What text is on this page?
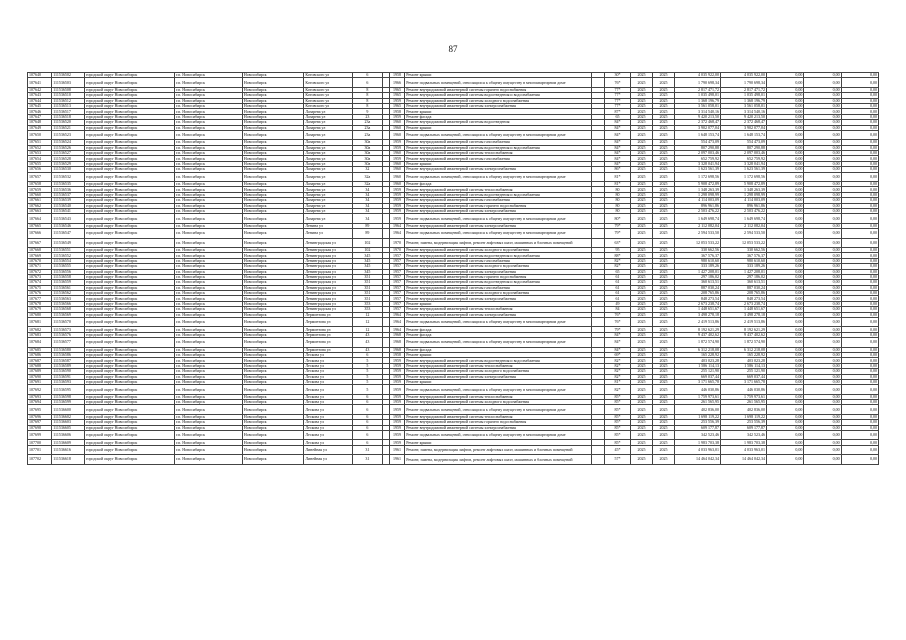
87
107640	111536502	городской округ Новосибирск	г.п. Новосибирск	Новосибирск	Котовского ул	6		1958	Ремонт крыши		30*	2025	2025	4 035 922,00	4 035 922,00	0,00	0,00	0,00
107641	111536503	городской округ Новосибирск	г.п. Новосибирск	Новосибирск	Котовского ул	6		1966	Ремонт подвальных помещений, относящихся к общему имуществу в многоквартирном доме		76*	2025	2025	1 790 698,34	1 790 698,34	0,00	0,00	0,00
107642	111536508	городской округ Новосибирск	г.п. Новосибирск	Новосибирск	Котовского ул	8		1965	Ремонт внутридомовой инженерной системы горячего водоснабжения		77*	2025	2025	2 817 471,72	2 817 471,72	0,00	0,00	0,00
107643	111536510	городской округ Новосибирск	г.п. Новосибирск	Новосибирск	Котовского ул	8		1965	Ремонт внутридомовой инженерной системы водоотведения и водоснабжения		77*	2025	2025	1 035 498,01	1 035 498,01	0,00	0,00	0,00
107644	111536512	городской округ Новосибирск	г.п. Новосибирск	Новосибирск	Котовского ул	8		1959	Ремонт внутридомовой инженерной системы холодного водоснабжения		77*	2025	2025	1 368 196,79	1 368 196,79	0,00	0,00	0,00
107645	111536513	городской округ Новосибирск	г.п. Новосибирск	Новосибирск	Котовского ул	8		1965	Ремонт внутридомовой инженерной системы электроснабжения		77*	2025	2025	3 561 058,01	3 561 058,01	0,00	0,00	0,00
107646	111536517	городской округ Новосибирск	г.п. Новосибирск	Новосибирск	Лазарева ул	9		1958	Ремонт крыши		87*	2025	2025	3 314 540,16	3 314 540,16	0,00	0,00	0,00
107647	111536518	городской округ Новосибирск	г.п. Новосибирск	Новосибирск	Лазарева ул	23		1959	Ремонт фасада		65	2025	2025	9 420 213,50	9 420 213,50	0,00	0,00	0,00
107648	111536520	городской округ Новосибирск	г.п. Новосибирск	Новосибирск	Лазарева ул	23а		1960	Ремонт внутридомовой инженерной системы водоотведения		84*	2025	2025	2 372 468,47	2 372 468,47	0,00	0,00	0,00
107649	111536521	городской округ Новосибирск	г.п. Новосибирск	Новосибирск	Лазарева ул	23а		1960	Ремонт крыши		84*	2025	2025	3 902 077,04	3 902 077,04	0,00	0,00	0,00
107650	111536523	городской округ Новосибирск	г.п. Новосибирск	Новосибирск	Лазарева ул	23а		1960	Ремонт подвальных помещений, относящихся к общему имуществу в многоквартирном доме		84*	2025	2025	1 648 153,74	1 648 153,74	0,00	0,00	0,00
107651	111536524	городской округ Новосибирск	г.п. Новосибирск	Новосибирск	Лазарева ул	30а		1959	Ремонт внутридомовой инженерной системы газоснабжения		84*	2025	2025	554 473,09	554 473,09	0,00	0,00	0,00
107652	111536526	городской округ Новосибирск	г.п. Новосибирск	Новосибирск	Лазарева ул	30а		1959	Ремонт внутридомовой инженерной системы водоотведения и водоснабжения		84*	2025	2025	807 290,88	807 290,88	0,00	0,00	0,00
107653	111536527	городской округ Новосибирск	г.п. Новосибирск	Новосибирск	Лазарева ул	30а		1960	Ремонт внутридомовой инженерной системы теплоснабжения		84*	2025	2025	2 097 003,46	2 097 003,46	0,00	0,00	0,00
107654	111536528	городской округ Новосибирск	г.п. Новосибирск	Новосибирск	Лазарева ул	30а		1959	Ремонт внутридомовой инженерной системы газоснабжения		84*	2025	2025	652 759,92	652 759,92	0,00	0,00	0,00
107655	111536529	городской округ Новосибирск	г.п. Новосибирск	Новосибирск	Лазарева ул	30а		1960	Ремонт крыши		84*	2025	2025	3 328 041,94	3 328 041,94	0,00	0,00	0,00
107656	111536530	городской округ Новосибирск	г.п. Новосибирск	Новосибирск	Лазарева ул	32		1960	Ремонт внутридомовой инженерной системы электроснабжения		86*	2025	2025	1 623 561,39	1 623 561,39	0,00	0,00	0,00
107657	111536532	городской округ Новосибирск	г.п. Новосибирск	Новосибирск	Лазарева ул	32а		1960	Ремонт подвальных помещений, относящихся к общему имуществу в многоквартирном доме		81*	2025	2025	1 172 698,56	1 172 698,56	0,00	0,00	0,00
107658	111536535	городской округ Новосибирск	г.п. Новосибирск	Новосибирск	Лазарева ул	32а		1960	Ремонт фасада		81*	2025	2025	5 908 472,89	5 908 472,89	0,00	0,00	0,00
107659	111536536	городской округ Новосибирск	г.п. Новосибирск	Новосибирск	Лазарева ул	34		1959	Ремонт внутридомовой инженерной системы теплоснабжения		80	2025	2025	1 348 263,39	1 348 263,39	0,00	0,00	0,00
107660	111536537	городской округ Новосибирск	г.п. Новосибирск	Новосибирск	Лазарева ул	34		1959	Ремонт внутридомовой инженерной системы водоотведения и водоснабжения		80	2025	2025	1 298 098,99	1 298 098,99	0,00	0,00	0,00
107661	111536539	городской округ Новосибирск	г.п. Новосибирск	Новосибирск	Лазарева ул	34		1959	Ремонт внутридомовой инженерной системы газоснабжения		80	2025	2025	4 114 003,09	4 114 003,09	0,00	0,00	0,00
107662	111536540	городской округ Новосибирск	г.п. Новосибирск	Новосибирск	Лазарева ул	34		1959	Ремонт внутридомовой инженерной системы горячего водоснабжения		80	2025	2025	896 961,86	896 961,86	0,00	0,00	0,00
107663	111536541	городской округ Новосибирск	г.п. Новосибирск	Новосибирск	Лазарева ул	34		1959	Ремонт внутридомовой инженерной системы электроснабжения		80	2025	2025	2 503 476,22	2 503 476,22	0,00	0,00	0,00
107664	111536543	городской округ Новосибирск	г.п. Новосибирск	Новосибирск	Лазарева ул	34		1959	Ремонт подвальных помещений, относящихся к общему имуществу в многоквартирном доме		80*	2025	2025	1 649 698,74	1 649 698,74	0,00	0,00	0,00
107665	111536546	городской округ Новосибирск	г.п. Новосибирск	Новосибирск	Ленина ул	89		1964	Ремонт внутридомовой инженерной системы электроснабжения		79*	2025	2025	2 112 082,04	2 112 082,04	0,00	0,00	0,00
107666	111536547	городской округ Новосибирск	г.п. Новосибирск	Новосибирск	Ленина ул	89		1964	Ремонт подвальных помещений, относящихся к общему имуществу в многоквартирном доме		79*	2025	2025	2 594 533,50	2 594 533,50	0,00	0,00	0,00
107667	111536549	городской округ Новосибирск	г.п. Новосибирск	Новосибирск	Ленинградская ул	102		1970	Ремонт, замена, модернизация лифтов, ремонт лифтовых шахт, машинных и блочных помещений		63*	2025	2025	12 053 533,22	12 053 533,22	0,00	0,00	0,00
107668	111536551	городской округ Новосибирск	г.п. Новосибирск	Новосибирск	Ленинградская ул	102		1970	Ремонт внутридомовой инженерной системы холодного водоснабжения		95	2025	2025	330 662,56	330 662,56	0,00	0,00	0,00
107669	111536552	городской округ Новосибирск	г.п. Новосибирск	Новосибирск	Ленинградская ул	345		1957	Ремонт внутридомовой инженерной системы водоотведения и водоснабжения		88*	2025	2025	367 576,37	367 576,37	0,00	0,00	0,00
107670	111536554	городской округ Новосибирск	г.п. Новосибирск	Новосибирск	Ленинградская ул	345		1957	Ремонт внутридомовой инженерной системы газоснабжения		82*	2025	2025	980 610,60	980 610,60	0,00	0,00	0,00
107671	111536555	городской округ Новосибирск	г.п. Новосибирск	Новосибирск	Ленинградская ул	345		1957	Ремонт внутридомовой инженерной системы холодного водоснабжения		82*	2025	2025	333 189,26	333 189,26	0,00	0,00	0,00
107672	111536556	городской округ Новосибирск	г.п. Новосибирск	Новосибирск	Ленинградская ул	345		1957	Ремонт внутридомовой инженерной системы электроснабжения		65	2025	2025	1 427 208,01	1 427 208,01	0,00	0,00	0,00
107673	111536558	городской округ Новосибирск	г.п. Новосибирск	Новосибирск	Ленинградская ул	351		1957	Ремонт внутридомовой инженерной системы горячего водоснабжения		61	2025	2025	297 186,02	297 186,02	0,00	0,00	0,00
107674	111536559	городской округ Новосибирск	г.п. Новосибирск	Новосибирск	Ленинградская ул	351		1957	Ремонт внутридомовой инженерной системы водоотведения и водоснабжения		61	2025	2025	360 613,51	360 613,51	0,00	0,00	0,00
107675	111536561	городской округ Новосибирск	г.п. Новосибирск	Новосибирск	Ленинградская ул	351		1957	Ремонт внутридомовой инженерной системы газоснабжения		61	2025	2025	887 030,24	887 030,24	0,00	0,00	0,00
107676	111536562	городской округ Новосибирск	г.п. Новосибирск	Новосибирск	Ленинградская ул	351		1957	Ремонт внутридомовой инженерной системы холодного водоснабжения		61	2025	2025	208 765,86	208 765,86	0,00	0,00	0,00
107677	111536563	городской округ Новосибирск	г.п. Новосибирск	Новосибирск	Ленинградская ул	351		1957	Ремонт внутридомовой инженерной системы электроснабжения		61	2025	2025	848 273,54	848 273,54	0,00	0,00	0,00
107678	111536566	городской округ Новосибирск	г.п. Новосибирск	Новосибирск	Ленинградская ул	353		1957	Ремонт крыши		49	2025	2025	2 673 238,74	2 673 238,74	0,00	0,00	0,00
107679	111536568	городской округ Новосибирск	г.п. Новосибирск	Новосибирск	Ленинградская ул	353		1957	Ремонт внутридомовой инженерной системы теплоснабжения		84	2025	2025	1 448 651,67	1 448 651,67	0,00	0,00	0,00
107680	111536569	городской округ Новосибирск	г.п. Новосибирск	Новосибирск	Лермонтова ул	12		1964	Ремонт внутридомовой инженерной системы электроснабжения		76*	2025	2025	3 498 278,18	3 498 278,18	0,00	0,00	0,00
107681	111536570	городской округ Новосибирск	г.п. Новосибирск	Новосибирск	Лермонтова ул	12		1964	Ремонт подвальных помещений, относящихся к общему имуществу в многоквартирном доме		76*	2025	2025	2 419 513,86	2 419 513,86	0,00	0,00	0,00
107682	111536573	городской округ Новосибирск	г.п. Новосибирск	Новосибирск	Лермонтова ул	12		1964	Ремонт фасада		79*	2025	2025	8 192 621,29	8 192 621,29	0,00	0,00	0,00
107683	111536576	городской округ Новосибирск	г.п. Новосибирск	Новосибирск	Лермонтова ул	43		1968	Ремонт фасада		84*	2025	2025	9 437 402,62	9 437 402,62	0,00	0,00	0,00
107684	111536577	городской округ Новосибирск	г.п. Новосибирск	Новосибирск	Лермонтова ул	43		1968	Ремонт подвальных помещений, относящихся к общему имуществу в многоквартирном доме		84*	2025	2025	1 872 574,90	1 872 574,90	0,00	0,00	0,00
107685	111536580	городской округ Новосибирск	г.п. Новосибирск	Новосибирск	Лермонтова ул	43		1968	Ремонт фасада		84*	2025	2025	6 312 218,08	6 312 218,08	0,00	0,00	0,00
107686	111536586	городской округ Новосибирск	г.п. Новосибирск	Новосибирск	Лескова ул	6		1958	Ремонт крыши		69*	2025	2025	165 228,92	165 228,92	0,00	0,00	0,00
107687	111536587	городской округ Новосибирск	г.п. Новосибирск	Новосибирск	Лескова ул	5		1959	Ремонт внутридомовой инженерной системы водоотведения и водоснабжения		82*	2025	2025	403 023,28	403 023,28	0,00	0,00	0,00
107688	111536589	городской округ Новосибирск	г.п. Новосибирск	Новосибирск	Лескова ул	5		1959	Ремонт внутридомовой инженерной системы теплоснабжения		82*	2025	2025	1 586 114,13	1 586 114,13	0,00	0,00	0,00
107689	111536590	городской округ Новосибирск	г.п. Новосибирск	Новосибирск	Лескова ул	5		1959	Ремонт внутридомовой инженерной системы холодного водоснабжения		82*	2025	2025	255 121,90	255 121,90	0,00	0,00	0,00
107690	111536591	городской округ Новосибирск	г.п. Новосибирск	Новосибирск	Лескова ул	5		1959	Ремонт внутридомовой инженерной системы электроснабжения		82*	2025	2025	669 037,44	669 037,44	0,00	0,00	0,00
107691	111536593	городской округ Новосибирск	г.п. Новосибирск	Новосибирск	Лескова ул	5		1959	Ремонт крыши		81*	2025	2025	3 171 665,78	3 171 665,78	0,00	0,00	0,00
107692	111536595	городской округ Новосибирск	г.п. Новосибирск	Новосибирск	Лескова ул	5		1959	Ремонт подвальных помещений, относящихся к общему имуществу в многоквартирном доме		82*	2025	2025	446 030,86	446 030,86	0,00	0,00	0,00
107693	111536598	городской округ Новосибирск	г.п. Новосибирск	Новосибирск	Лескова ул	6		1959	Ремонт внутридомовой инженерной системы теплоснабжения		85*	2025	2025	1 759 973,61	1 759 973,61	0,00	0,00	0,00
107694	111536599	городской округ Новосибирск	г.п. Новосибирск	Новосибирск	Лескова ул	6		1959	Ремонт внутридомовой инженерной системы холодного водоснабжения		85*	2025	2025	261 565,95	261 565,95	0,00	0,00	0,00
107695	111536600	городской округ Новосибирск	г.п. Новосибирск	Новосибирск	Лескова ул	6		1959	Ремонт подвальных помещений, относящихся к общему имуществу в многоквартирном доме		85*	2025	2025	402 836,00	402 836,00	0,00	0,00	0,00
107696	111536602	городской округ Новосибирск	г.п. Новосибирск	Новосибирск	Лескова ул	6		1959	Ремонт внутридомовой инженерной системы теплоснабжения		85*	2025	2025	1 698 119,22	1 698 119,22	0,00	0,00	0,00
107697	111536603	городской округ Новосибирск	г.п. Новосибирск	Новосибирск	Лескова ул	6		1959	Ремонт внутридомовой инженерной системы горячего водоснабжения		85*	2025	2025	253 556,39	253 556,39	0,00	0,00	0,00
107698	111536605	городской округ Новосибирск	г.п. Новосибирск	Новосибирск	Лескова ул	6		1959	Ремонт внутридомовой инженерной системы электроснабжения		85*	2025	2025	609 177,87	609 177,87	0,00	0,00	0,00
107699	111536606	городской округ Новосибирск	г.п. Новосибирск	Новосибирск	Лескова ул	6		1959	Ремонт подвальных помещений, относящихся к общему имуществу в многоквартирном доме		85*	2025	2025	342 523,46	342 523,46	0,00	0,00	0,00
107700	111536609	городской округ Новосибирск	г.п. Новосибирск	Новосибирск	Лескова ул	6		1959	Ремонт крыши		85*	2025	2025	1 983 703,38	1 983 703,38	0,00	0,00	0,00
107701	111536616	городской округ Новосибирск	г.п. Новосибирск	Новосибирск	Линейная ул	31		1961	Ремонт, замена, модернизация лифтов, ремонт лифтовых шахт, машинных и блочных помещений		45*	2025	2025	4 033 963,01	4 033 963,01	0,00	0,00	0,00
107702	111536618	городской округ Новосибирск	г.п. Новосибирск	Новосибирск	Линейная ул	31		1961	Ремонт, замена, модернизация лифтов, ремонт лифтовых шахт, машинных и блочных помещений		57*	2025	2025	14 464 042,34	14 464 042,34	0,00	0,00	0,00
